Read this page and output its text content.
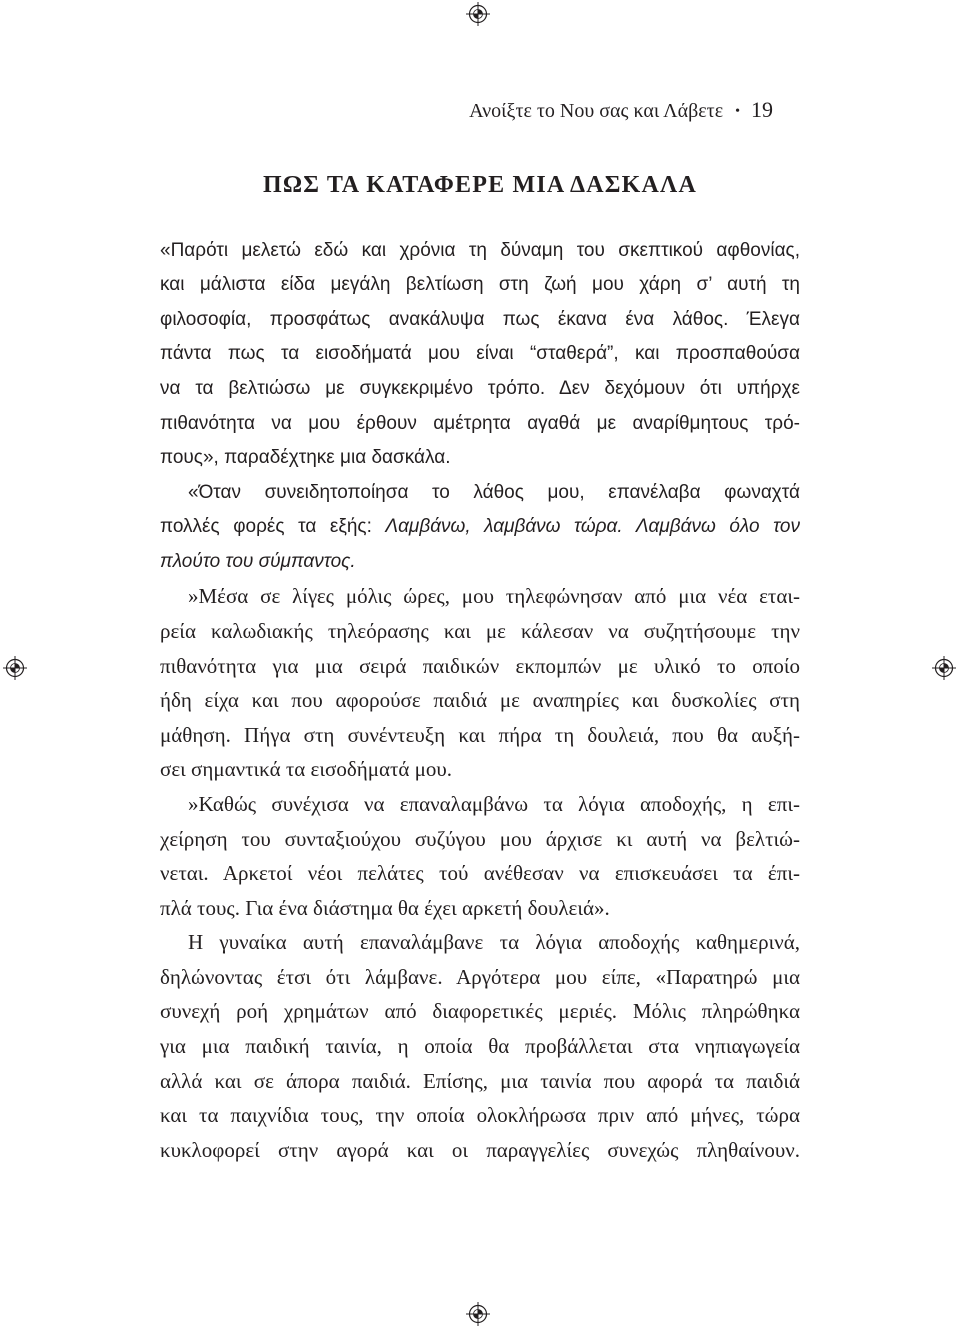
Ανοίξτε το Νου σας και Λάβετε • 19
ΠΩΣ ΤΑ ΚΑΤΑΦΕΡΕ ΜΙΑ ΔΑΣΚΑΛΑ
«Παρότι μελετώ εδώ και χρόνια τη δύναμη του σκεπτικού αφθονίας,
και μάλιστα είδα μεγάλη βελτίωση στη ζωή μου χάρη σ’ αυτή τη
φιλοσοφία, προσφάτως ανακάλυψα πως έκανα ένα λάθος. Έλεγα
πάντα πως τα εισοδήματά μου είναι “σταθερά”, και προσπαθούσα
να τα βελτιώσω με συγκεκριμένο τρόπο. Δεν δεχόμουν ότι υπήρχε
πιθανότητα να μου έρθουν αμέτρητα αγαθά με αναρίθμητους τρό-
πους», παραδέχτηκε μια δασκάλα.
«Όταν συνειδητοποίησα το λάθος μου, επανέλαβα φωναχτά
πολλές φορές τα εξής: Λαμβάνω, λαμβάνω τώρα. Λαμβάνω όλο τον
πλούτο του σύμπαντος.
»Μέσα σε λίγες μόλις ώρες, μου τηλεφώνησαν από μια νέα εται-
ρεία καλωδιακής τηλεόρασης και με κάλεσαν να συζητήσουμε την
πιθανότητα για μια σειρά παιδικών εκπομπών με υλικό το οποίο
ήδη είχα και που αφορούσε παιδιά με αναπηρίες και δυσκολίες στη
μάθηση. Πήγα στη συνέντευξη και πήρα τη δουλειά, που θα αυξή-
σει σημαντικά τα εισοδήματά μου.
»Καθώς συνέχισα να επαναλαμβάνω τα λόγια αποδοχής, η επι-
χείρηση του συνταξιούχου συζύγου μου άρχισε κι αυτή να βελτιώ-
νεται. Αρκετοί νέοι πελάτες τού ανέθεσαν να επισκευάσει τα έπι-
πλά τους. Για ένα διάστημα θα έχει αρκετή δουλειά».
Η γυναίκα αυτή επαναλάμβανε τα λόγια αποδοχής καθημερινά,
δηλώνοντας έτσι ότι λάμβανε. Αργότερα μου είπε, «Παρατηρώ μια
συνεχή ροή χρημάτων από διαφορετικές μεριές. Μόλις πληρώθηκα
για μια παιδική ταινία, η οποία θα προβάλλεται στα νηπιαγωγεία
αλλά και σε άπορα παιδιά. Επίσης, μια ταινία που αφορά τα παιδιά
και τα παιχνίδια τους, την οποία ολοκλήρωσα πριν από μήνες, τώρα
κυκλοφορεί στην αγορά και οι παραγγελίες συνεχώς πληθαίνουν.
